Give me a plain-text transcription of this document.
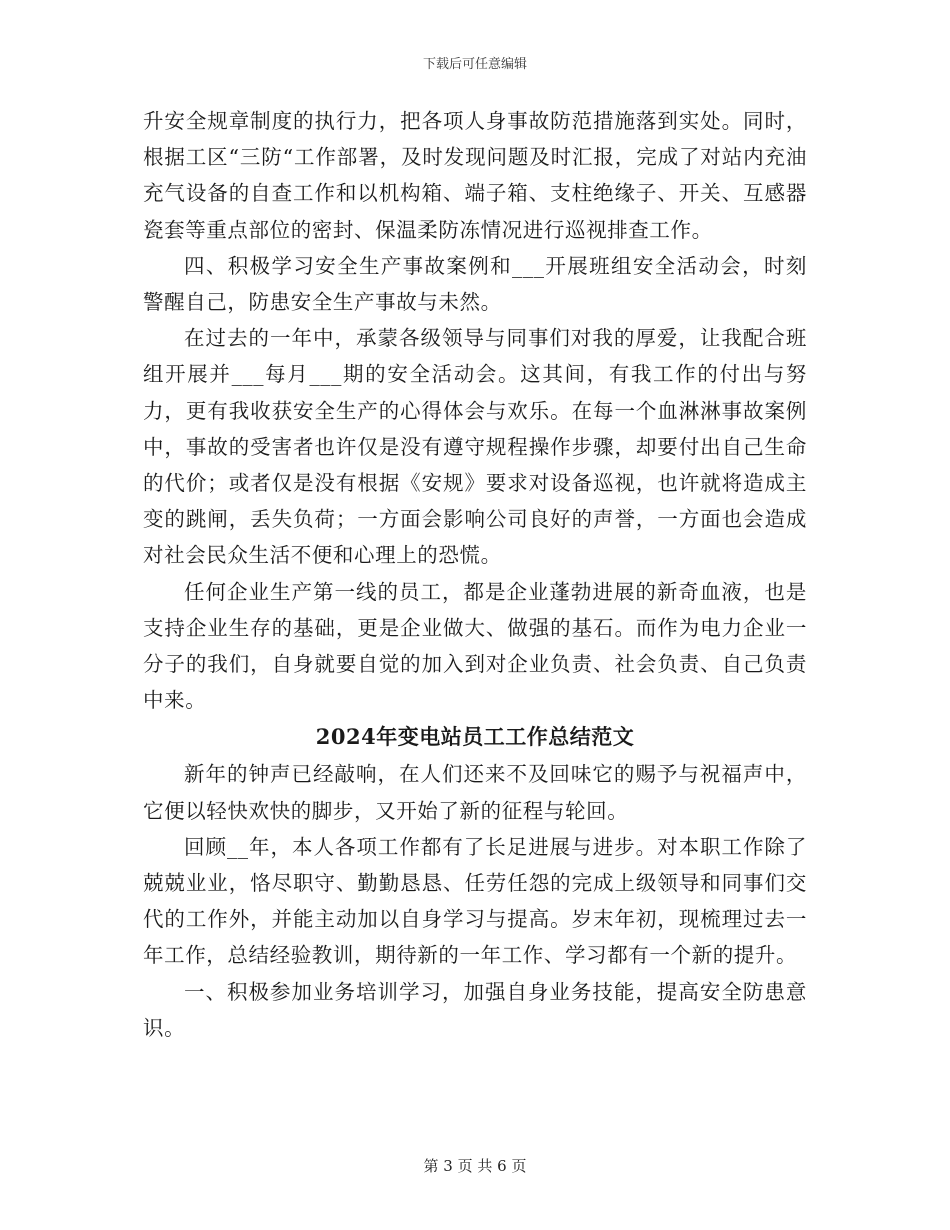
下载后可任意编辑

升安全规章制度的执行力，把各项人身事故防范措施落到实处。同时，根据工区“三防“工作部署，及时发现问题及时汇报，完成了对站内充油充气设备的自查工作和以机构箱、端子箱、支柱绝缘子、开关、互感器瓷套等重点部位的密封、保温柔防冻情况进行巡视排查工作。

四、积极学习安全生产事故案例和___开展班组安全活动会，时刻警醒自己，防患安全生产事故与未然。

在过去的一年中，承蒙各级领导与同事们对我的厚爱，让我配合班组开展并___每月___期的安全活动会。这其间，有我工作的付出与努力，更有我收获安全生产的心得体会与欢乐。在每一个血淋淋事故案例中，事故的受害者也许仅是没有遵守规程操作步骤，却要付出自己生命的代价；或者仅是没有根据《安规》要求对设备巡视，也许就将造成主变的跳闸，丢失负荷；一方面会影响公司良好的声誉，一方面也会造成对社会民众生活不便和心理上的恐慌。

任何企业生产第一线的员工，都是企业蓬勃进展的新奇血液，也是支持企业生存的基础，更是企业做大、做强的基石。而作为电力企业一分子的我们，自身就要自觉的加入到对企业负责、社会负责、自己负责中来。

2024年变电站员工工作总结范文

新年的钟声已经敲响，在人们还来不及回味它的赐予与祝福声中，它便以轻快欢快的脚步，又开始了新的征程与轮回。

回顾__年，本人各项工作都有了长足进展与进步。对本职工作除了兢兢业业，恪尽职守、勤勤恳恳、任劳任怨的完成上级领导和同事们交代的工作外，并能主动加以自身学习与提高。岁末年初，现梳理过去一年工作，总结经验教训，期待新的一年工作、学习都有一个新的提升。

一、积极参加业务培训学习，加强自身业务技能，提高安全防患意识。

第 3 页 共 6 页
